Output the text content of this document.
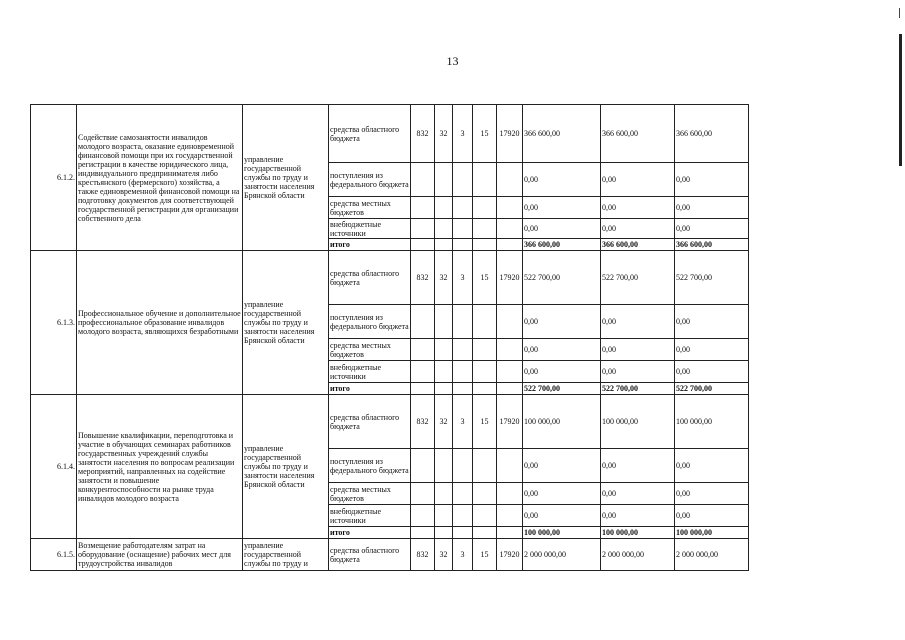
13
6.1.2.	Содействие самозанятости инвалидов молодого возраста, оказание единовременной финансовой помощи при их государственной регистрации в качестве юридического лица, индивидуального предпринимателя либо крестьянского (фермерского) хозяйства, а также единовременной финансовой помощи на подготовку документов для соответствующей государственной регистрации для организации собственного дела	управление государственной службы по труду и занятости населения Брянской области	средства областного бюджета	832	32	3	15	17920	366 600,00	366 600,00	366 600,00
			поступления из федерального бюджета						0,00	0,00	0,00
			средства местных бюджетов						0,00	0,00	0,00
			внебюджетные источники						0,00	0,00	0,00
			итого						366 600,00	366 600,00	366 600,00
6.1.3.	Профессиональное обучение и дополнительное профессиональное образование инвалидов молодого возраста, являющихся безработными	управление государственной службы по труду и занятости населения Брянской области	средства областного бюджета	832	32	3	15	17920	522 700,00	522 700,00	522 700,00
			поступления из федерального бюджета						0,00	0,00	0,00
			средства местных бюджетов						0,00	0,00	0,00
			внебюджетные источники						0,00	0,00	0,00
			итого						522 700,00	522 700,00	522 700,00
6.1.4.	Повышение квалификации, переподготовка и участие в обучающих семинарах работников государственных учреждений службы занятости населения по вопросам реализации мероприятий, направленных на содействие занятости и повышение конкурентоспособности на рынке труда инвалидов молодого возраста	управление государственной службы по труду и занятости населения Брянской области	средства областного бюджета	832	32	3	15	17920	100 000,00	100 000,00	100 000,00
			поступления из федерального бюджета						0,00	0,00	0,00
			средства местных бюджетов						0,00	0,00	0,00
			внебюджетные источники						0,00	0,00	0,00
			итого						100 000,00	100 000,00	100 000,00
6.1.5.	Возмещение работодателям затрат на оборудование (оснащение) рабочих мест для трудоустройства инвалидов	управление государственной службы по труду и	средства областного бюджета	832	32	3	15	17920	2 000 000,00	2 000 000,00	2 000 000,00
